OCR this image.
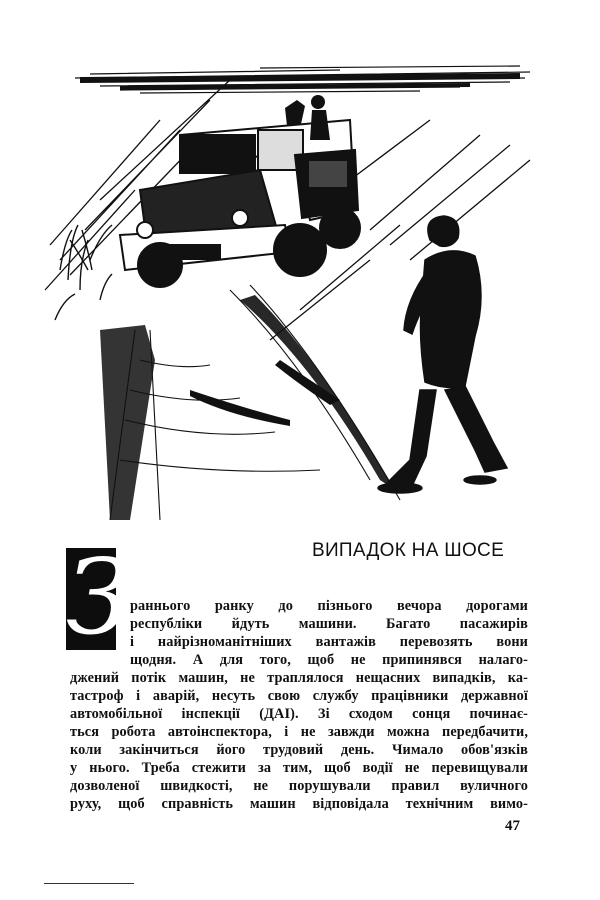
ВИПАДОК НА ШОСЕ
З раннього ранку до пізнього вечора дорогами
республіки йдуть машини. Багато пасажирів
і найрізноманітніших вантажів перевозять вони
щодня. А для того, щоб не припинявся налаго-
джений потік машин, не траплялося нещасних випадків, ка-
тастроф і аварій, несуть свою службу працівники державної
автомобільної інспекції (ДАІ). Зі сходом сонця починає-
ться робота автоінспектора, і не завжди можна передбачити,
коли закінчиться його трудовий день. Чимало обов'язків
у нього. Треба стежити за тим, щоб водії не перевищували
дозволеної швидкості, не порушували правил вуличного
руху, щоб справність машин відповідала технічним вимо-
47
